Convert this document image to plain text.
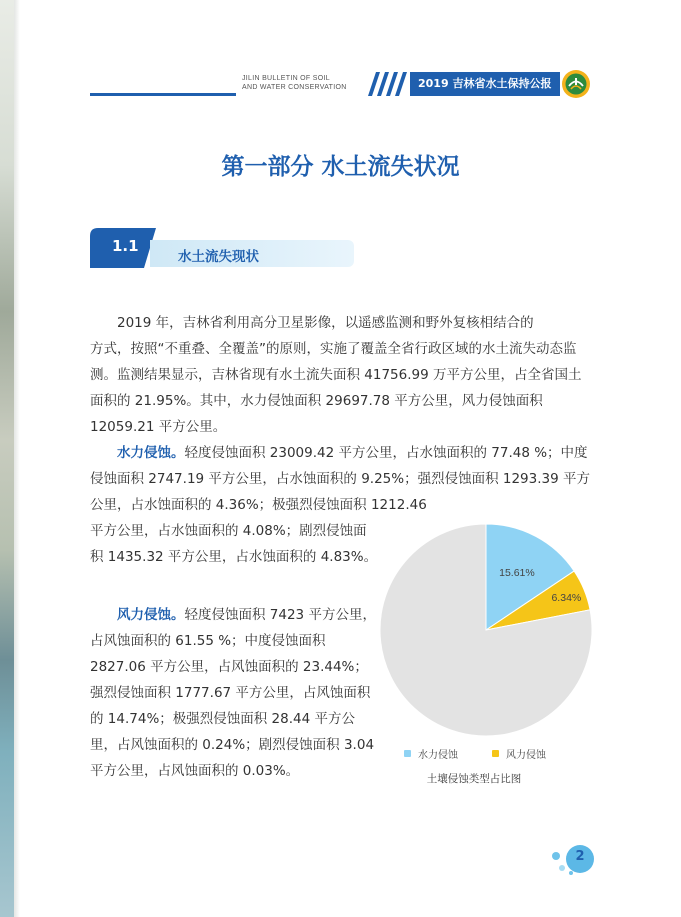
JILIN BULLETIN OF SOIL
AND WATER CONSERVATION	2019 吉林省水土保持公报
第一部分 水土流失状况
1.1
水土流失现状

2019 年，吉林省利用高分卫星影像，以遥感监测和野外复核相结合的

方式，按照“不重叠、全覆盖”的原则，实施了覆盖全省行政区域的水土流失动态监测。监测结果显示，吉林省现有水土流失面积 41756.99 万平方公里，占全省国土面积的 21.95%。其中，水力侵蚀面积 29697.78 平方公里，风力侵蚀面积 12059.21 平方公里。

水力侵蚀。轻度侵蚀面积 23009.42 平方公里，占水蚀面积的 77.48 %；中度侵蚀面积 2747.19 平方公里，占水蚀面积的 9.25%；强烈侵蚀面积 1293.39 平方公里，占水蚀面积的 4.36%；极强烈侵蚀面积 1212.46

平方公里，占水蚀面积的 4.08%；剧烈侵蚀面积 1435.32 平方公里，占水蚀面积的 4.83%。

风力侵蚀。轻度侵蚀面积 7423 平方公里，占风蚀面积的 61.55 %；中度侵蚀面积 2827.06 平方公里，占风蚀面积的 23.44%；强烈侵蚀面积 1777.67 平方公里，占风蚀面积的 14.74%；极强烈侵蚀面积 28.44 平方公里，占风蚀面积的 0.24%；剧烈侵蚀面积 3.04 平方公里，占风蚀面积的 0.03%。

15.61%
6.34%
水力侵蚀	风力侵蚀
土壤侵蚀类型占比图
2
